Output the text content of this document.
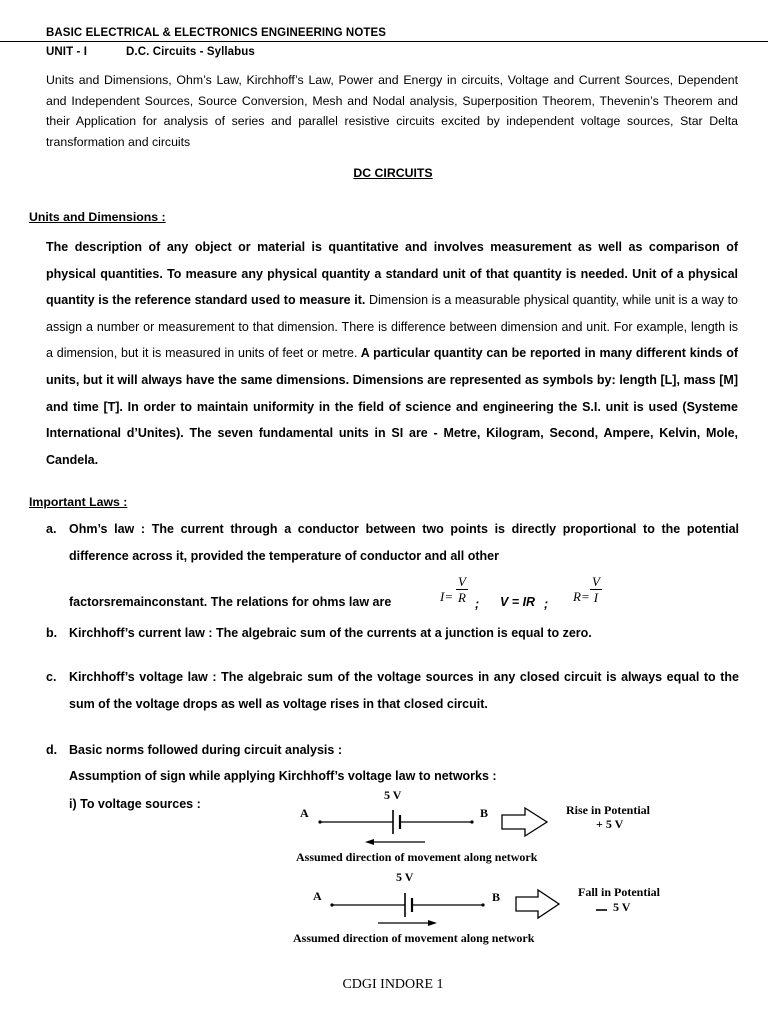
BASIC ELECTRICAL & ELECTRONICS ENGINEERING NOTES
UNIT - I	D.C. Circuits - Syllabus
Units and Dimensions, Ohm’s Law, Kirchhoff’s Law, Power and Energy in circuits, Voltage and Current Sources, Dependent and Independent Sources, Source Conversion, Mesh and Nodal analysis, Superposition Theorem, Thevenin’s Theorem and their Application for analysis of series and parallel resistive circuits excited by independent voltage sources, Star Delta transformation and circuits
DC CIRCUITS
Units and Dimensions :
The description of any object or material is quantitative and involves measurement as well as comparison of physical quantities. To measure any physical quantity a standard unit of that quantity is needed. Unit of a physical quantity is the reference standard used to measure it. Dimension is a measurable physical quantity, while unit is a way to assign a number or measurement to that dimension. There is difference between dimension and unit. For example, length is a dimension, but it is measured in units of feet or metre. A particular quantity can be reported in many different kinds of units, but it will always have the same dimensions. Dimensions are represented as symbols by: length [L], mass [M] and time [T]. In order to maintain uniformity in the field of science and engineering the S.I. unit is used (Systeme International d’Unites). The seven fundamental units in SI are - Metre, Kilogram, Second, Ampere, Kelvin, Mole, Candela.
Important Laws :
a.	Ohm’s law : The current through a conductor between two points is directly proportional to the potential difference across it, provided the temperature of conductor and all other
factorsremainconstant. The relations for ohms law are	$I= \frac{V}{R}$ ; V = IR ; $R= \frac{V}{I}$
b. Kirchhoff’s current law : The algebraic sum of the currents at a junction is equal to zero.
c.	Kirchhoff’s voltage law : The algebraic sum of the voltage sources in any closed circuit is always equal to the sum of the voltage drops as well as voltage rises in that closed circuit.
d. Basic norms followed during circuit analysis :
Assumption of sign while applying Kirchhoff’s voltage law to networks :
i) To voltage sources :
5 V
A	B	Rise in Potential
+ 5 V
Assumed direction of movement along network
5 V
A	B	Fall in Potential
5 V
Assumed direction of movement along network
CDGI INDORE 1
